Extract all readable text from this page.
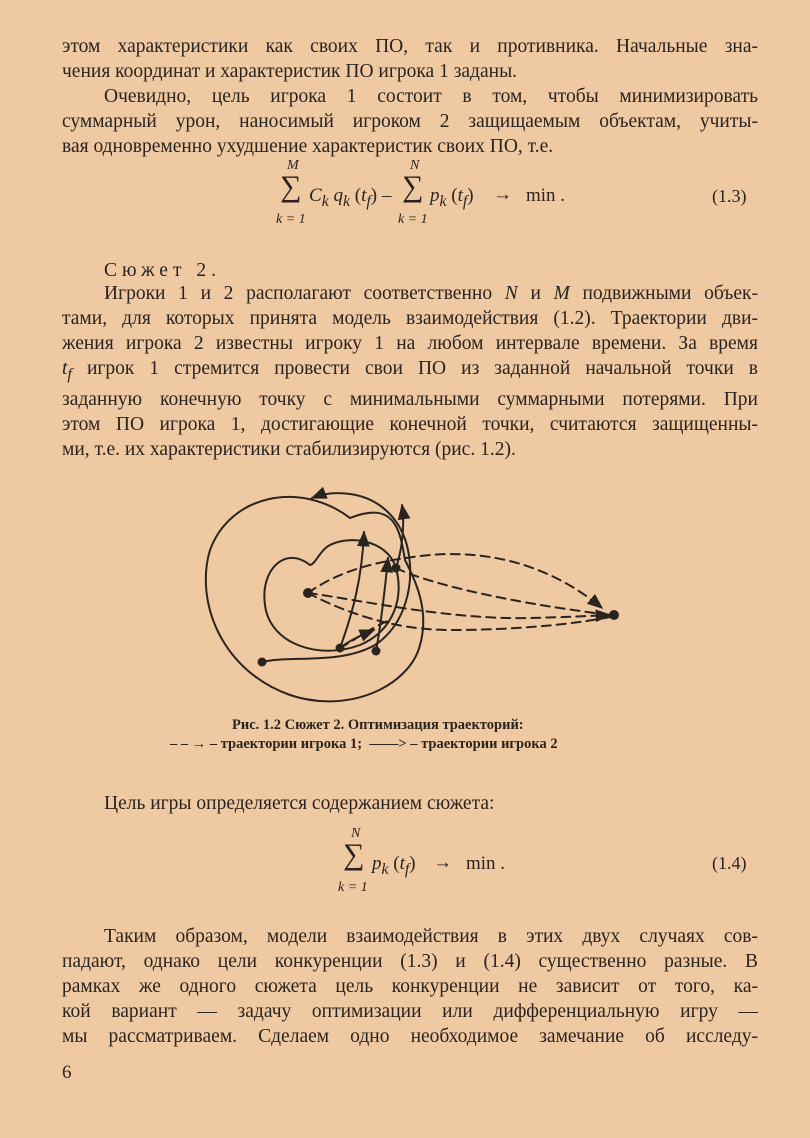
этом характеристики как своих ПО, так и противника. Начальные зна-
чения координат и характеристик ПО игрока 1 заданы.

Очевидно, цель игрока 1 состоит в том, чтобы минимизировать
суммарный урон, наносимый игроком 2 защищаемым объектам, учиты-
вая одновременно ухудшение характеристик своих ПО, т.е.

M
∑
k = 1
$C_k$ $q_k$ $(t_f)$ –
N
∑
k = 1
$p_k$ $(t_f) \to \min$ .	(1.3)
Сюжет 2.

Игроки 1 и 2 располагают соответственно N и M подвижными объек-
тами, для которых принята модель взаимодействия (1.2). Траектории дви-
жения игрока 2 известны игроку 1 на любом интервале времени. За время
$t_f$ игрок 1 стремится провести свои ПО из заданной начальной точки в
заданную конечную точку с минимальными суммарными потерями. При
этом ПО игрока 1, достигающие конечной точки, считаются защищенны-
ми, т.е. их характеристики стабилизируются (рис. 1.2).

Рис. 1.2 Сюжет 2. Оптимизация траекторий:
– – → – траектории игрока 1; ——> – траектории игрока 2
Цель игры определяется содержанием сюжета:
N
∑
k = 1
$p_k$ $(t_f) \to \min$ .	(1.4)

Таким образом, модели взаимодействия в этих двух случаях сов-
падают, однако цели конкуренции (1.3) и (1.4) существенно разные. В
рамках же одного сюжета цель конкуренции не зависит от того, ка-
кой вариант — задачу оптимизации или дифференциальную игру —
мы рассматриваем. Сделаем одно необходимое замечание об исследу-

6
